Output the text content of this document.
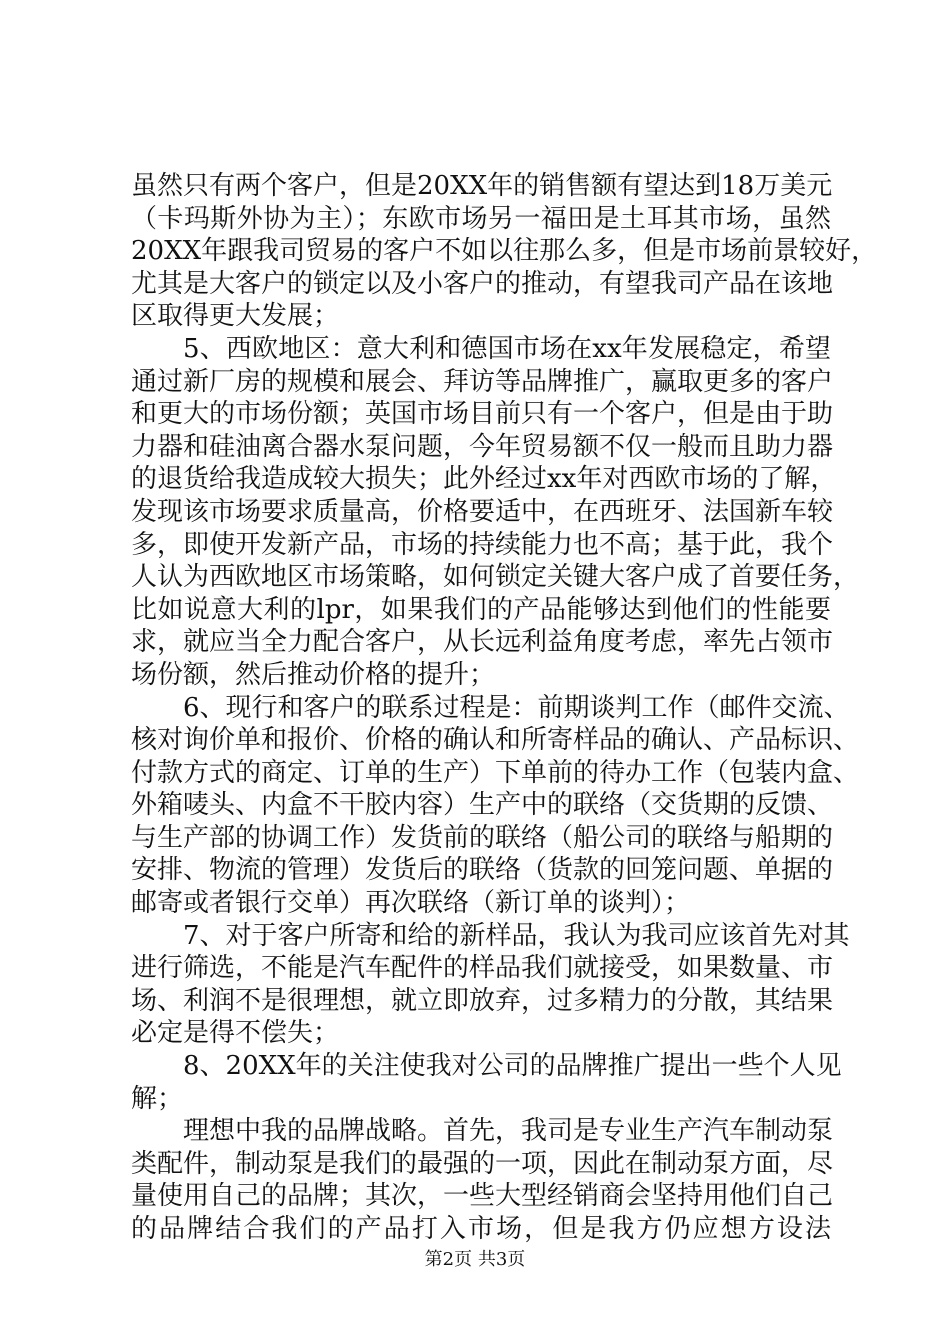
虽然只有两个客户，但是20XX年的销售额有望达到18万美元
（卡玛斯外协为主）；东欧市场另一福田是土耳其市场，虽然
20XX年跟我司贸易的客户不如以往那么多，但是市场前景较好，
尤其是大客户的锁定以及小客户的推动，有望我司产品在该地
区取得更大发展；
5、西欧地区：意大利和德国市场在xx年发展稳定，希望
通过新厂房的规模和展会、拜访等品牌推广，赢取更多的客户
和更大的市场份额；英国市场目前只有一个客户，但是由于助
力器和硅油离合器水泵问题，今年贸易额不仅一般而且助力器
的退货给我造成较大损失；此外经过xx年对西欧市场的了解，
发现该市场要求质量高，价格要适中，在西班牙、法国新车较
多，即使开发新产品，市场的持续能力也不高；基于此，我个
人认为西欧地区市场策略，如何锁定关键大客户成了首要任务，
比如说意大利的lpr，如果我们的产品能够达到他们的性能要
求，就应当全力配合客户，从长远利益角度考虑，率先占领市
场份额，然后推动价格的提升；
6、现行和客户的联系过程是：前期谈判工作（邮件交流、
核对询价单和报价、价格的确认和所寄样品的确认、产品标识、
付款方式的商定、订单的生产）下单前的待办工作（包装内盒、
外箱唛头、内盒不干胶内容）生产中的联络（交货期的反馈、
与生产部的协调工作）发货前的联络（船公司的联络与船期的
安排、物流的管理）发货后的联络（货款的回笼问题、单据的
邮寄或者银行交单）再次联络（新订单的谈判）；
7、对于客户所寄和给的新样品，我认为我司应该首先对其
进行筛选，不能是汽车配件的样品我们就接受，如果数量、市
场、利润不是很理想，就立即放弃，过多精力的分散，其结果
必定是得不偿失；
8、20XX年的关注使我对公司的品牌推广提出一些个人见
解；
理想中我的品牌战略。首先，我司是专业生产汽车制动泵
类配件，制动泵是我们的最强的一项，因此在制动泵方面，尽
量使用自己的品牌；其次，一些大型经销商会坚持用他们自己
的品牌结合我们的产品打入市场，但是我方仍应想方设法
第2页 共3页
